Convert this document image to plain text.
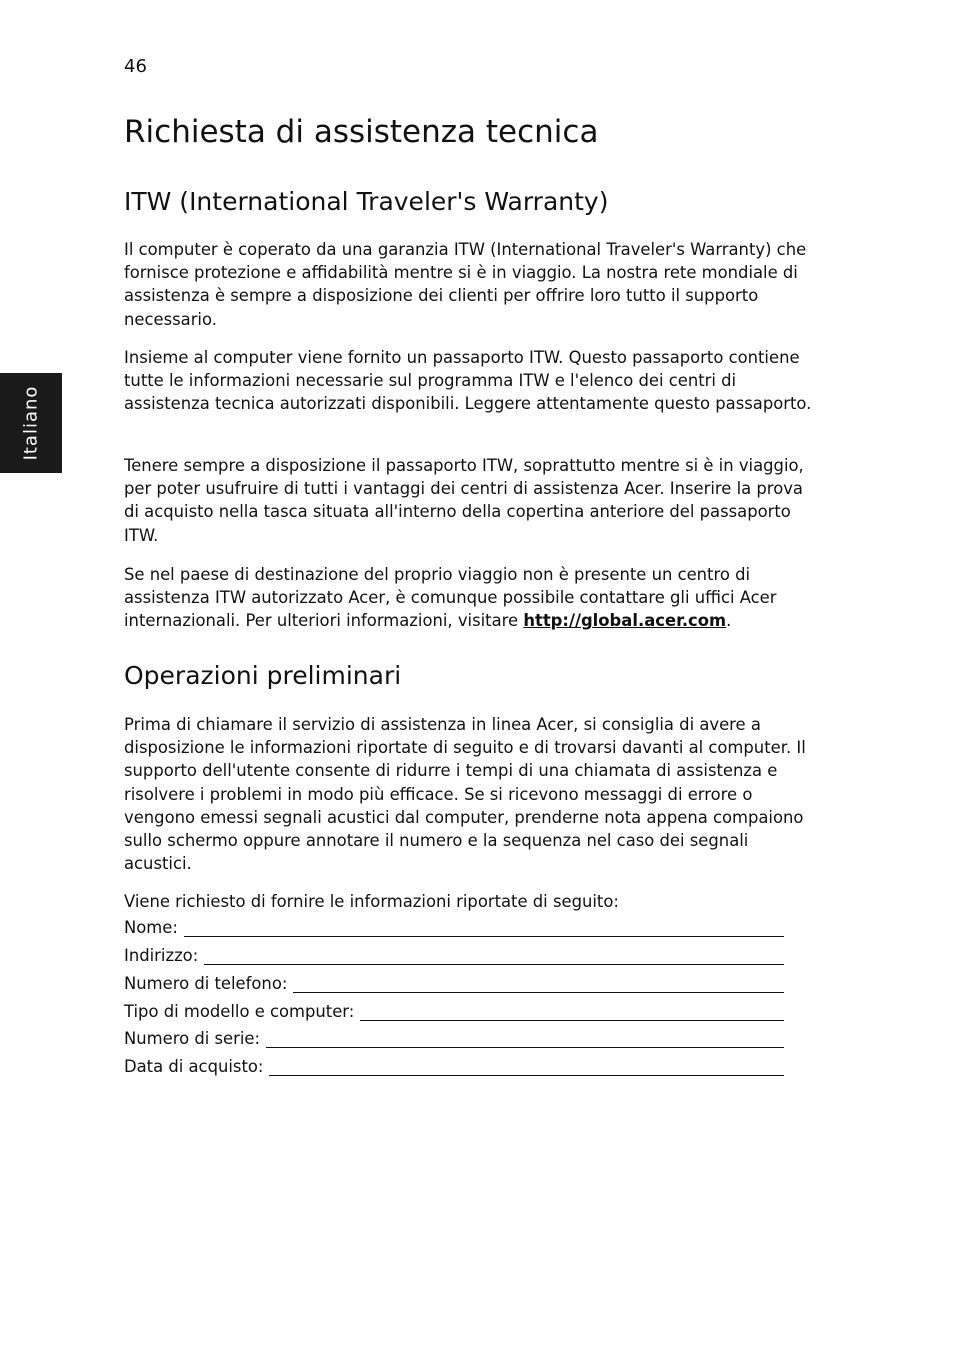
46
Italiano
Richiesta di assistenza tecnica
ITW (International Traveler's Warranty)

Il computer è coperato da una garanzia ITW (International Traveler's Warranty) che fornisce protezione e affidabilità mentre si è in viaggio. La nostra rete mondiale di assistenza è sempre a disposizione dei clienti per offrire loro tutto il supporto necessario.

Insieme al computer viene fornito un passaporto ITW. Questo passaporto contiene tutte le informazioni necessarie sul programma ITW e l'elenco dei centri di assistenza tecnica autorizzati disponibili. Leggere attentamente questo passaporto.

Tenere sempre a disposizione il passaporto ITW, soprattutto mentre si è in viaggio, per poter usufruire di tutti i vantaggi dei centri di assistenza Acer. Inserire la prova di acquisto nella tasca situata all'interno della copertina anteriore del passaporto ITW.

Se nel paese di destinazione del proprio viaggio non è presente un centro di assistenza ITW autorizzato Acer, è comunque possibile contattare gli uffici Acer internazionali. Per ulteriori informazioni, visitare http://global.acer.com.

Operazioni preliminari

Prima di chiamare il servizio di assistenza in linea Acer, si consiglia di avere a disposizione le informazioni riportate di seguito e di trovarsi davanti al computer. Il supporto dell'utente consente di ridurre i tempi di una chiamata di assistenza e risolvere i problemi in modo più efficace. Se si ricevono messaggi di errore o vengono emessi segnali acustici dal computer, prenderne nota appena compaiono sullo schermo oppure annotare il numero e la sequenza nel caso dei segnali acustici.

Viene richiesto di fornire le informazioni riportate di seguito:

Nome:
Indirizzo:
Numero di telefono:
Tipo di modello e computer:
Numero di serie:
Data di acquisto:
